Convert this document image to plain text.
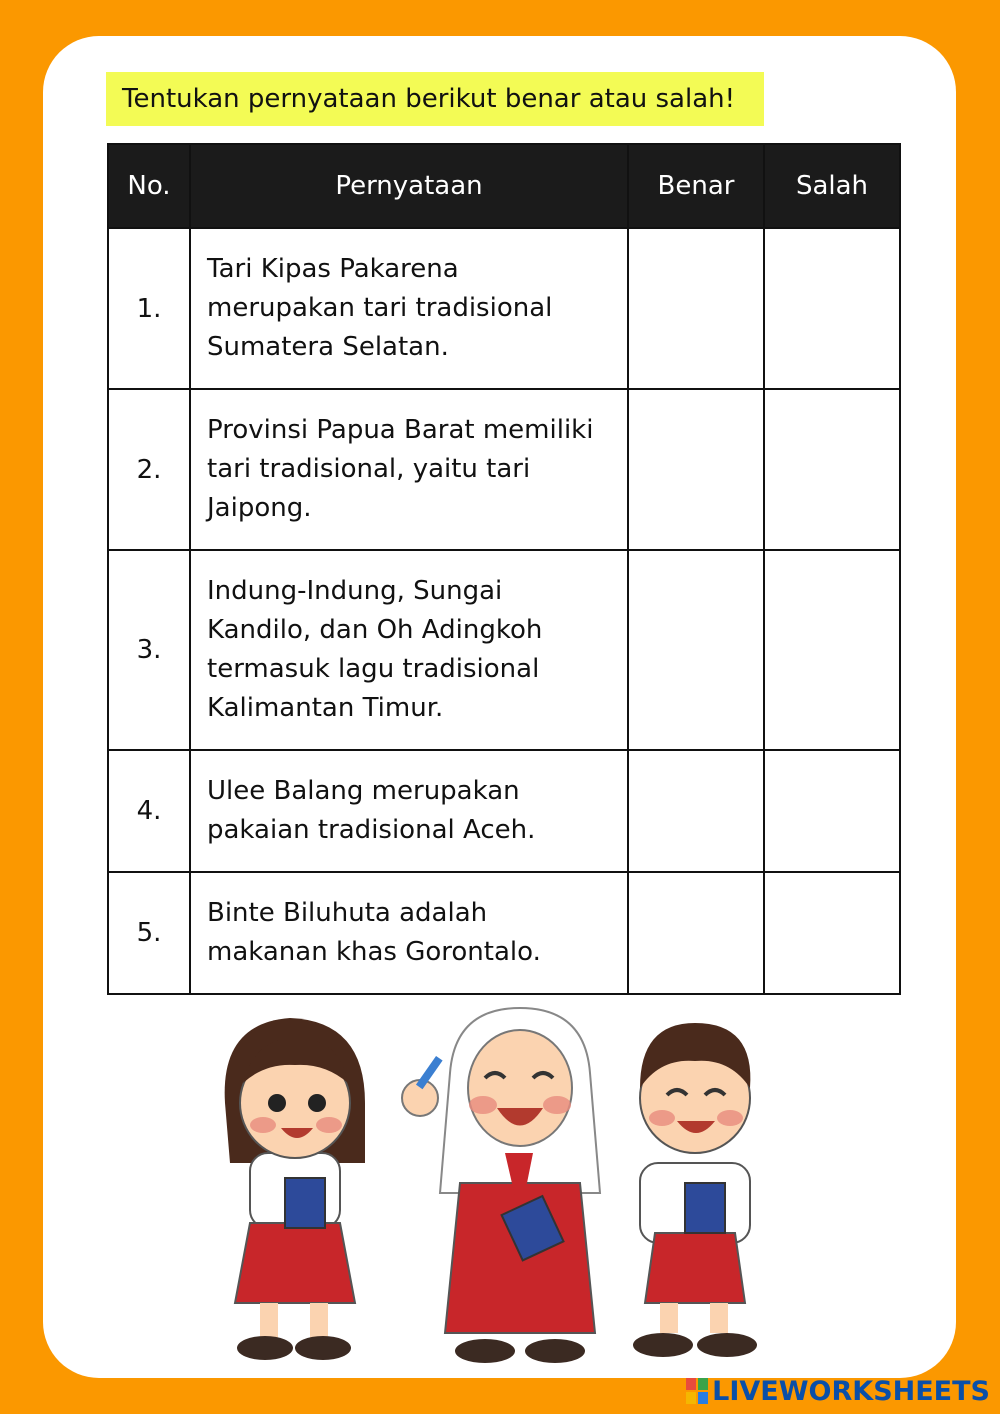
Tentukan pernyataan berikut benar atau salah!
No.	Pernyataan	Benar	Salah
1.	Tari Kipas Pakarena merupakan tari tradisional Sumatera Selatan.		
2.	Provinsi Papua Barat memiliki tari tradisional, yaitu tari Jaipong.		
3.	Indung-Indung, Sungai Kandilo, dan Oh Adingkoh termasuk lagu tradisional Kalimantan Timur.		
4.	Ulee Balang merupakan pakaian tradisional Aceh.		
5.	Binte Biluhuta adalah makanan khas Gorontalo.		
LIVEWORKSHEETS
